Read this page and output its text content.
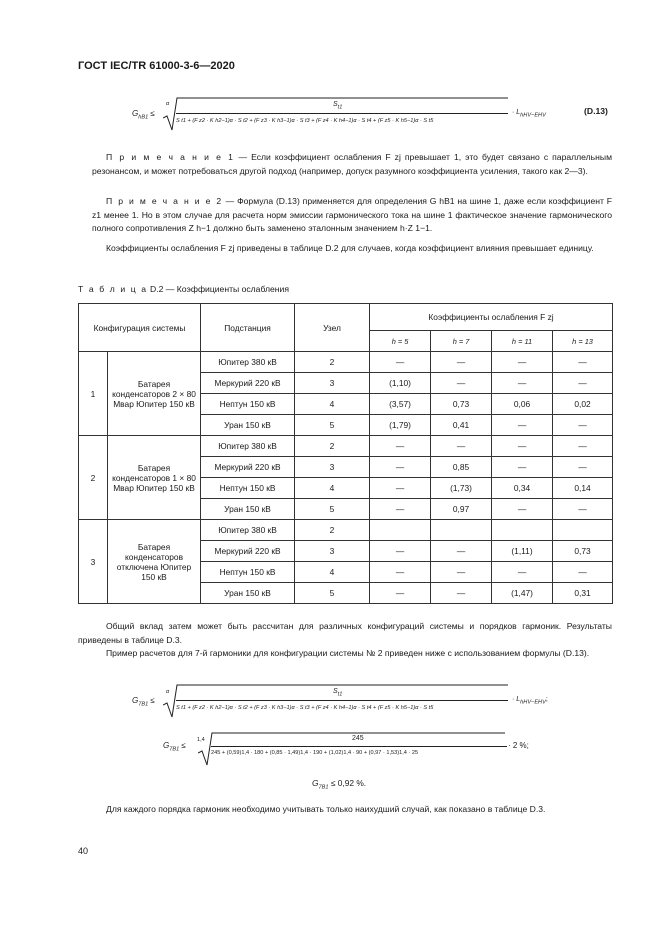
ГОСТ IEC/TR 61000-3-6—2020
$G_{hB1}$ ≤
α	$S_{t1}$
S t1 + (F z2 · K h2−1)α · S t2 + (F z3 · K h3−1)α · S t3 + (F z4 · K h4−1)α · S t4 + (F z5 · K h5−1)α · S t5
· $L_{hHV-EHV}$	(D.13)
П р и м е ч а н и е 1 — Если коэффициент ослабления F zj превышает 1, это будет связано с параллельным резонансом, и может потребоваться другой подход (например, допуск разумного коэффициента усиления, такого как 2—3).
П р и м е ч а н и е 2 — Формула (D.13) применяется для определения G hB1 на шине 1, даже если коэффициент F z1 менее 1. Но в этом случае для расчета норм эмиссии гармонического тока на шине 1 фактическое значение гармонического полного сопротивления Z h−1 должно быть заменено эталонным значением h·Z 1−1.
Коэффициенты ослабления F zj приведены в таблице D.2 для случаев, когда коэффициент влияния превышает единицу.
Т а б л и ц а D.2 — Коэффициенты ослабления
Конфигурация системы		Подстанция	Узел	Коэффициенты ослабления F zj			
				h = 5	h = 7	h = 11	h = 13
1	Батарея конденсаторов 2 × 80 Мвар Юпитер 150 кВ	Юпитер 380 кВ	2	—	—	—	—
		Меркурий 220 кВ	3	(1,10)	—	—	—
		Нептун 150 кВ	4	(3,57)	0,73	0,06	0,02
		Уран 150 кВ	5	(1,79)	0,41	—	—
2	Батарея конденсаторов 1 × 80 Мвар Юпитер 150 кВ	Юпитер 380 кВ	2	—	—	—	—
		Меркурий 220 кВ	3	—	0,85	—	—
		Нептун 150 кВ	4	—	(1,73)	0,34	0,14
		Уран 150 кВ	5	—	0,97	—	—
3	Батарея конденсаторов отключена Юпитер 150 кВ	Юпитер 380 кВ	2				
		Меркурий 220 кВ	3	—	—	(1,11)	0,73
		Нептун 150 кВ	4	—	—	—	—
		Уран 150 кВ	5	—	—	(1,47)	0,31
Общий вклад затем может быть рассчитан для различных конфигураций системы и порядков гармоник. Результаты приведены в таблице D.3.
Пример расчетов для 7-й гармоники для конфигурации системы № 2 приведен ниже с использованием формулы (D.13).
$G_{7B1}$ ≤
α	$S_{t1}$
S t1 + (F z2 · K h2−1)α · S t2 + (F z3 · K h3−1)α · S t3 + (F z4 · K h4−1)α · S t4 + (F z5 · K h5−1)α · S t5
· $L_{hHV-EHV}$;
$G_{7B1}$ ≤
1,4	245
245 + (0,59)1,4 · 180 + (0,85 · 1,49)1,4 · 190 + (1,02)1,4 · 90 + (0,97 · 1,53)1,4 · 25
· 2 %;
$G_{7B1} \le 0,92$ %.
Для каждого порядка гармоник необходимо учитывать только наихудший случай, как показано в таблице D.3.
40
